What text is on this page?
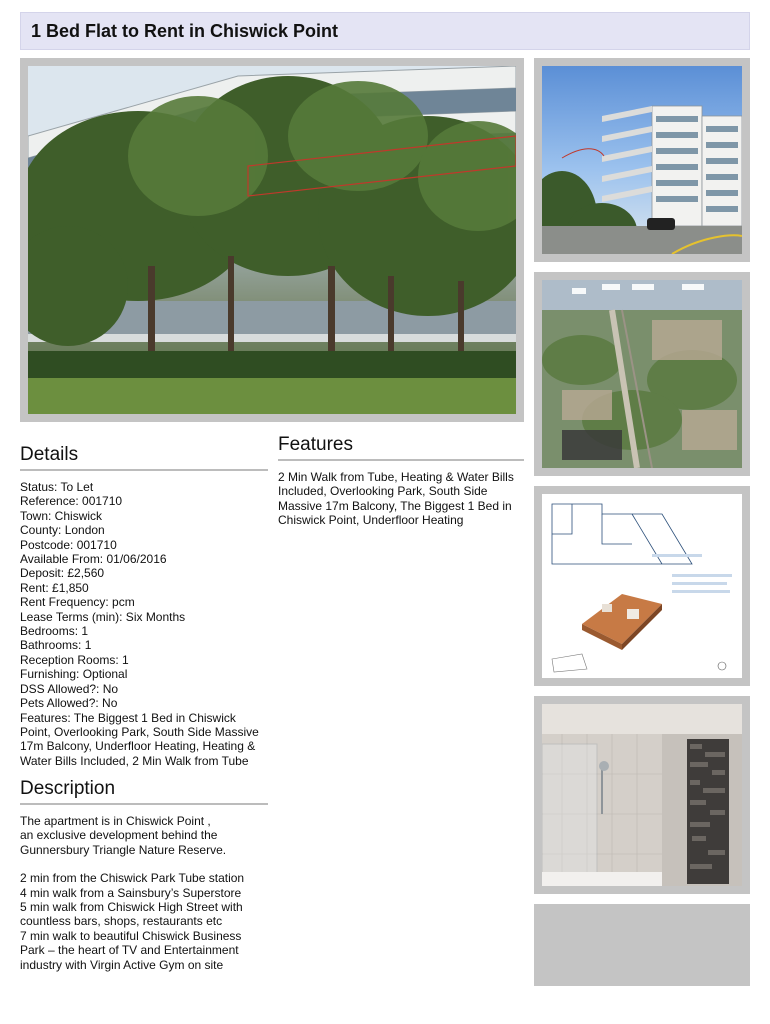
1 Bed Flat to Rent in Chiswick Point
Details
Status: To Let
Reference: 001710
Town: Chiswick
County: London
Postcode: 001710
Available From: 01/06/2016
Deposit: £2,560
Rent: £1,850
Rent Frequency: pcm
Lease Terms (min): Six Months
Bedrooms: 1
Bathrooms: 1
Reception Rooms: 1
Furnishing: Optional
DSS Allowed?: No
Pets Allowed?: No
Features: The Biggest 1 Bed in Chiswick Point, Overlooking Park, South Side Massive 17m Balcony, Underfloor Heating, Heating & Water Bills Included, 2 Min Walk from Tube
Features
2 Min Walk from Tube, Heating & Water Bills Included, Overlooking Park, South Side Massive 17m Balcony, The Biggest 1 Bed in Chiswick Point, Underfloor Heating
Description

The apartment is in Chiswick Point ,
an exclusive development behind the
Gunnersbury Triangle Nature Reserve.

2 min from the Chiswick Park Tube station
4 min walk from a Sainsbury’s Superstore
5 min walk from Chiswick High Street with
countless bars, shops, restaurants etc
7 min walk to beautiful Chiswick Business
Park – the heart of TV and Entertainment
industry with Virgin Active Gym on site
